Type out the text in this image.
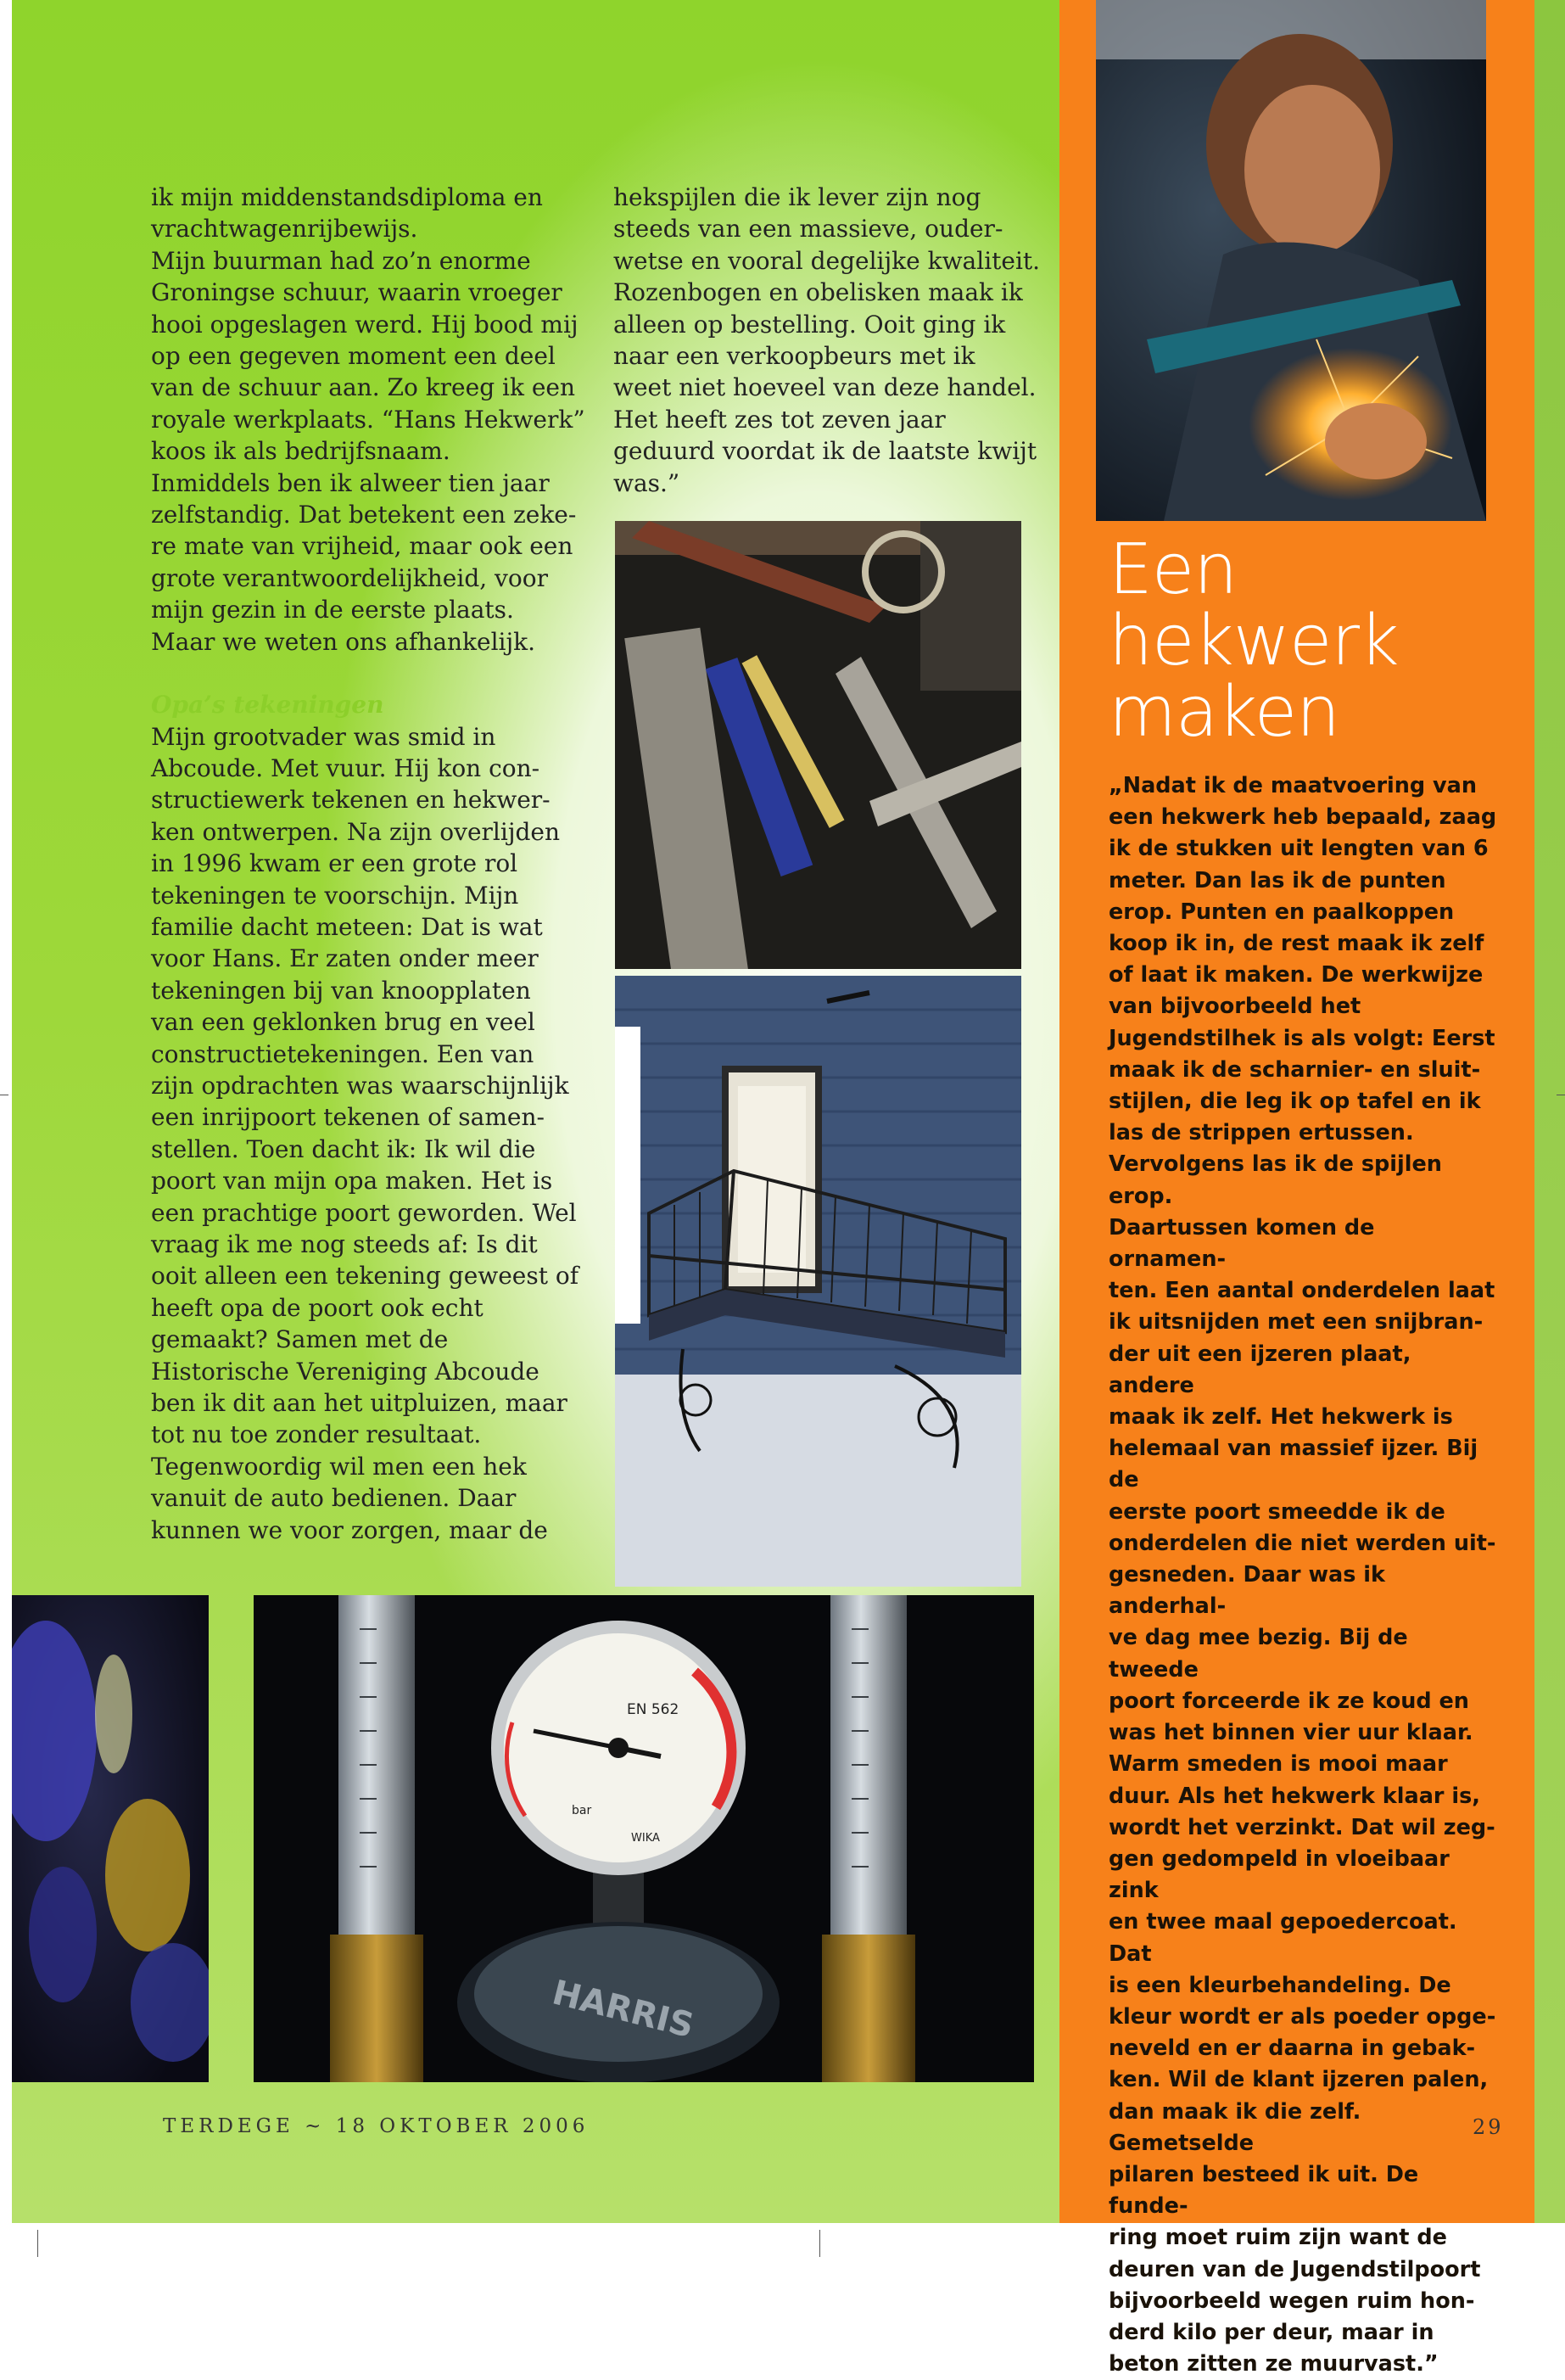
ik mijn middenstandsdiploma en
vrachtwagenrijbewijs.
Mijn buurman had zo’n enorme
Groningse schuur, waarin vroeger
hooi opgeslagen werd. Hij bood mij
op een gegeven moment een deel
van de schuur aan. Zo kreeg ik een
royale werkplaats. “Hans Hekwerk”
koos ik als bedrijfsnaam.
Inmiddels ben ik alweer tien jaar
zelfstandig. Dat betekent een zeke-
re mate van vrijheid, maar ook een
grote verantwoordelijkheid, voor
mijn gezin in de eerste plaats.
Maar we weten ons afhankelijk.

Opa’s tekeningen

Mijn grootvader was smid in
Abcoude. Met vuur. Hij kon con-
structiewerk tekenen en hekwer-
ken ontwerpen. Na zijn overlijden
in 1996 kwam er een grote rol
tekeningen te voorschijn. Mijn
familie dacht meteen: Dat is wat
voor Hans. Er zaten onder meer
tekeningen bij van knoopplaten
van een geklonken brug en veel
constructietekeningen. Een van
zijn opdrachten was waarschijnlijk
een inrijpoort tekenen of samen-
stellen. Toen dacht ik: Ik wil die
poort van mijn opa maken. Het is
een prachtige poort geworden. Wel
vraag ik me nog steeds af: Is dit
ooit alleen een tekening geweest of
heeft opa de poort ook echt
gemaakt? Samen met de
Historische Vereniging Abcoude
ben ik dit aan het uitpluizen, maar
tot nu toe zonder resultaat.
Tegenwoordig wil men een hek
vanuit de auto bedienen. Daar
kunnen we voor zorgen, maar de
hekspijlen die ik lever zijn nog
steeds van een massieve, ouder-
wetse en vooral degelijke kwaliteit.
Rozenbogen en obelisken maak ik
alleen op bestelling. Ooit ging ik
naar een verkoopbeurs met ik
weet niet hoeveel van deze handel.
Het heeft zes tot zeven jaar
geduurd voordat ik de laatste kwijt
was.”
EN 562
bar
WIKA
HARRIS
Een
hekwerk
maken
„Nadat ik de maatvoering van
een hekwerk heb bepaald, zaag
ik de stukken uit lengten van 6
meter. Dan las ik de punten
erop. Punten en paalkoppen
koop ik in, de rest maak ik zelf
of laat ik maken. De werkwijze
van bijvoorbeeld het
Jugendstilhek is als volgt: Eerst
maak ik de scharnier- en sluit-
stijlen, die leg ik op tafel en ik
las de strippen ertussen.
Vervolgens las ik de spijlen erop.
Daartussen komen de ornamen-
ten. Een aantal onderdelen laat
ik uitsnijden met een snijbran-
der uit een ijzeren plaat, andere
maak ik zelf. Het hekwerk is
helemaal van massief ijzer. Bij de
eerste poort smeedde ik de
onderdelen die niet werden uit-
gesneden. Daar was ik anderhal-
ve dag mee bezig. Bij de tweede
poort forceerde ik ze koud en
was het binnen vier uur klaar.
Warm smeden is mooi maar
duur. Als het hekwerk klaar is,
wordt het verzinkt. Dat wil zeg-
gen gedompeld in vloeibaar zink
en twee maal gepoedercoat. Dat
is een kleurbehandeling. De
kleur wordt er als poeder opge-
neveld en er daarna in gebak-
ken. Wil de klant ijzeren palen,
dan maak ik die zelf. Gemetselde
pilaren besteed ik uit. De funde-
ring moet ruim zijn want de
deuren van de Jugendstilpoort
bijvoorbeeld wegen ruim hon-
derd kilo per deur, maar in
beton zitten ze muurvast.”
TERDEGE ~ 18 OKTOBER 2006	29
